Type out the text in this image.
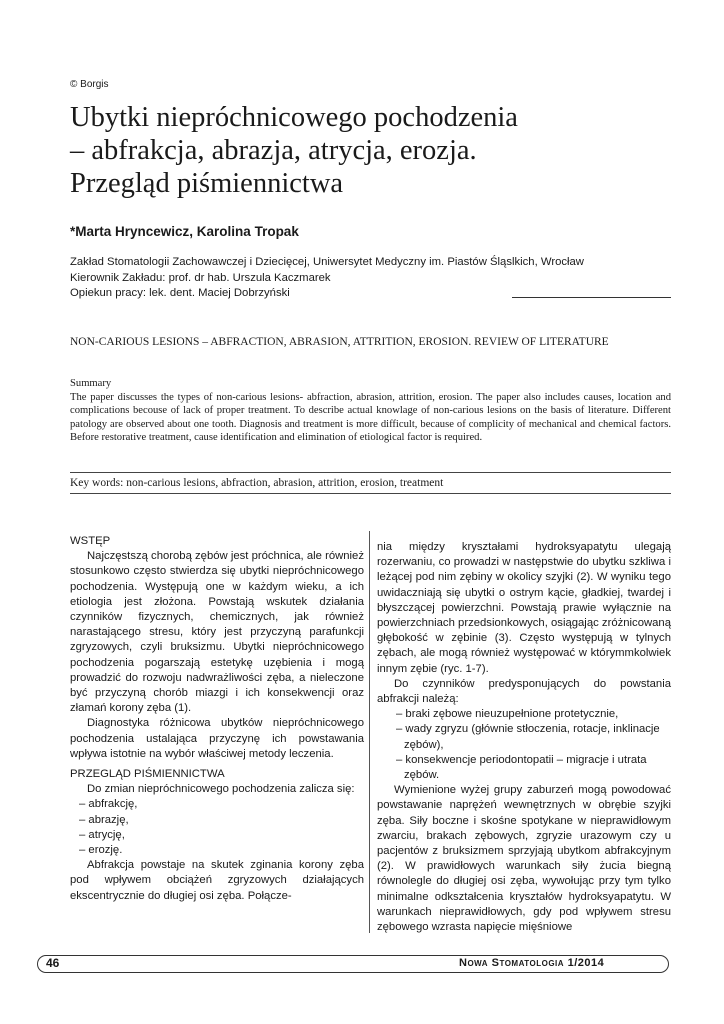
© Borgis
Ubytki niepróchnicowego pochodzenia
– abfrakcja, abrazja, atrycja, erozja.
Przegląd piśmiennictwa
*Marta Hryncewicz, Karolina Tropak
Zakład Stomatologii Zachowawczej i Dziecięcej, Uniwersytet Medyczny im. Piastów Śląslkich, Wrocław
Kierownik Zakładu: prof. dr hab. Urszula Kaczmarek
Opiekun pracy: lek. dent. Maciej Dobrzyński
NON-CARIOUS LESIONS – ABFRACTION, ABRASION, ATTRITION, EROSION. REVIEW OF LITERATURE
Summary
The paper discusses the types of non-carious lesions- abfraction, abrasion, attrition, erosion. The paper also includes causes, location and complications becouse of lack of proper treatment. To describe actual knowlage of non-carious lesions on the basis of literature. Different patology are observed about one tooth. Diagnosis and treatment is more difficult, because of complicity of mechanical and chemical factors. Before restorative treatment, cause identification and elimination of etiological factor is required.
Key words: non-carious lesions, abfraction, abrasion, attrition, erosion, treatment
WSTĘP

Najczęstszą chorobą zębów jest próchnica, ale również stosunkowo często stwierdza się ubytki niepróchnicowego pochodzenia. Występują one w każdym wieku, a ich etiologia jest złożona. Powstają wskutek działania czynników fizycznych, chemicznych, jak również narastającego stresu, który jest przyczyną parafunkcji zgryzowych, czyli bruksizmu. Ubytki niepróchnicowego pochodzenia pogarszają estetykę uzębienia i mogą prowadzić do rozwoju nadwrażliwości zęba, a nieleczone być przyczyną chorób miazgi i ich konsekwencji oraz złamań korony zęba (1).

Diagnostyka różnicowa ubytków niepróchnicowego pochodzenia ustalająca przyczynę ich powstawania wpływa istotnie na wybór właściwej metody leczenia.

PRZEGLĄD PIŚMIENNICTWA

Do zmian niepróchnicowego pochodzenia zalicza się:

– abfrakcję,
– abrazję,
– atrycję,
– erozję.

Abfrakcja powstaje na skutek zginania korony zęba pod wpływem obciążeń zgryzowych działających ekscentrycznie do długiej osi zęba. Połącze-

nia między kryształami hydroksyapatytu ulegają rozerwaniu, co prowadzi w następstwie do ubytku szkliwa i leżącej pod nim zębiny w okolicy szyjki (2). W wyniku tego uwidaczniają się ubytki o ostrym kącie, gładkiej, twardej i błyszczącej powierzchni. Powstają prawie wyłącznie na powierzchniach przedsionkowych, osiągając zróżnicowaną głębokość w zębinie (3). Często występują w tylnych zębach, ale mogą również występować w którymmkolwiek innym zębie (ryc. 1-7).

Do czynników predysponujących do powstania abfrakcji należą:

– braki zębowe nieuzupełnione protetycznie,
– wady zgryzu (głównie stłoczenia, rotacje, inklinacje zębów),
– konsekwencje periodontopatii – migracje i utrata zębów.

Wymienione wyżej grupy zaburzeń mogą powodować powstawanie naprężeń wewnętrznych w obrębie szyjki zęba. Siły boczne i skośne spotykane w nieprawidłowym zwarciu, brakach zębowych, zgryzie urazowym czy u pacjentów z bruksizmem sprzyjają ubytkom abfrakcyjnym (2). W prawidłowych warunkach siły żucia biegną równolegle do długiej osi zęba, wywołując przy tym tylko minimalne odkształcenia kryształów hydroksyapatytu. W warunkach nieprawidłowych, gdy pod wpływem stresu zębowego wzrasta napięcie mięśniowe

46	Nowa Stomatologia 1/2014
